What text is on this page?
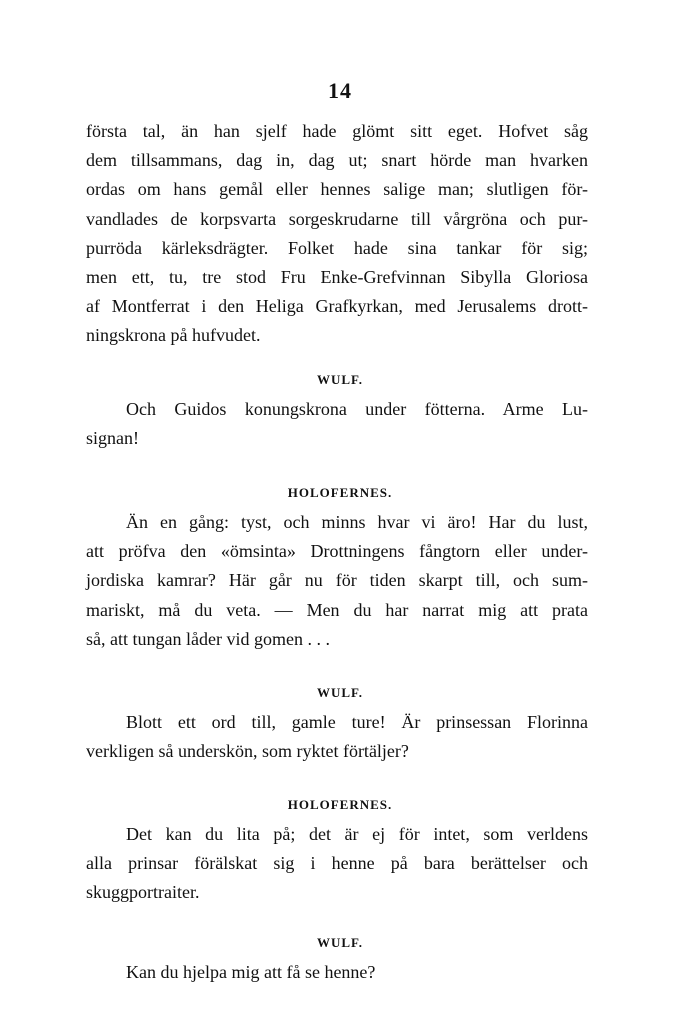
14
första tal, än han sjelf hade glömt sitt eget. Hofvet såg
dem tillsammans, dag in, dag ut; snart hörde man hvarken
ordas om hans gemål eller hennes salige man; slutligen för-
vandlades de korpsvarta sorgeskrudarne till vårgröna och pur-
purröda kärleksdrägter. Folket hade sina tankar för sig;
men ett, tu, tre stod Fru Enke-Grefvinnan Sibylla Gloriosa
af Montferrat i den Heliga Grafkyrkan, med Jerusalems drott-
ningskrona på hufvudet.
WULF.
Och Guidos konungskrona under fötterna. Arme Lu-
signan!
HOLOFERNES.
Än en gång: tyst, och minns hvar vi äro! Har du lust,
att pröfva den «ömsinta» Drottningens fångtorn eller under-
jordiska kamrar? Här går nu för tiden skarpt till, och sum-
mariskt, må du veta. — Men du har narrat mig att prata
så, att tungan låder vid gomen . . .
WULF.
Blott ett ord till, gamle ture! Är prinsessan Florinna
verkligen så underskön, som ryktet förtäljer?
HOLOFERNES.
Det kan du lita på; det är ej för intet, som verldens
alla prinsar förälskat sig i henne på bara berättelser och
skuggportraiter.
WULF.
Kan du hjelpa mig att få se henne?
